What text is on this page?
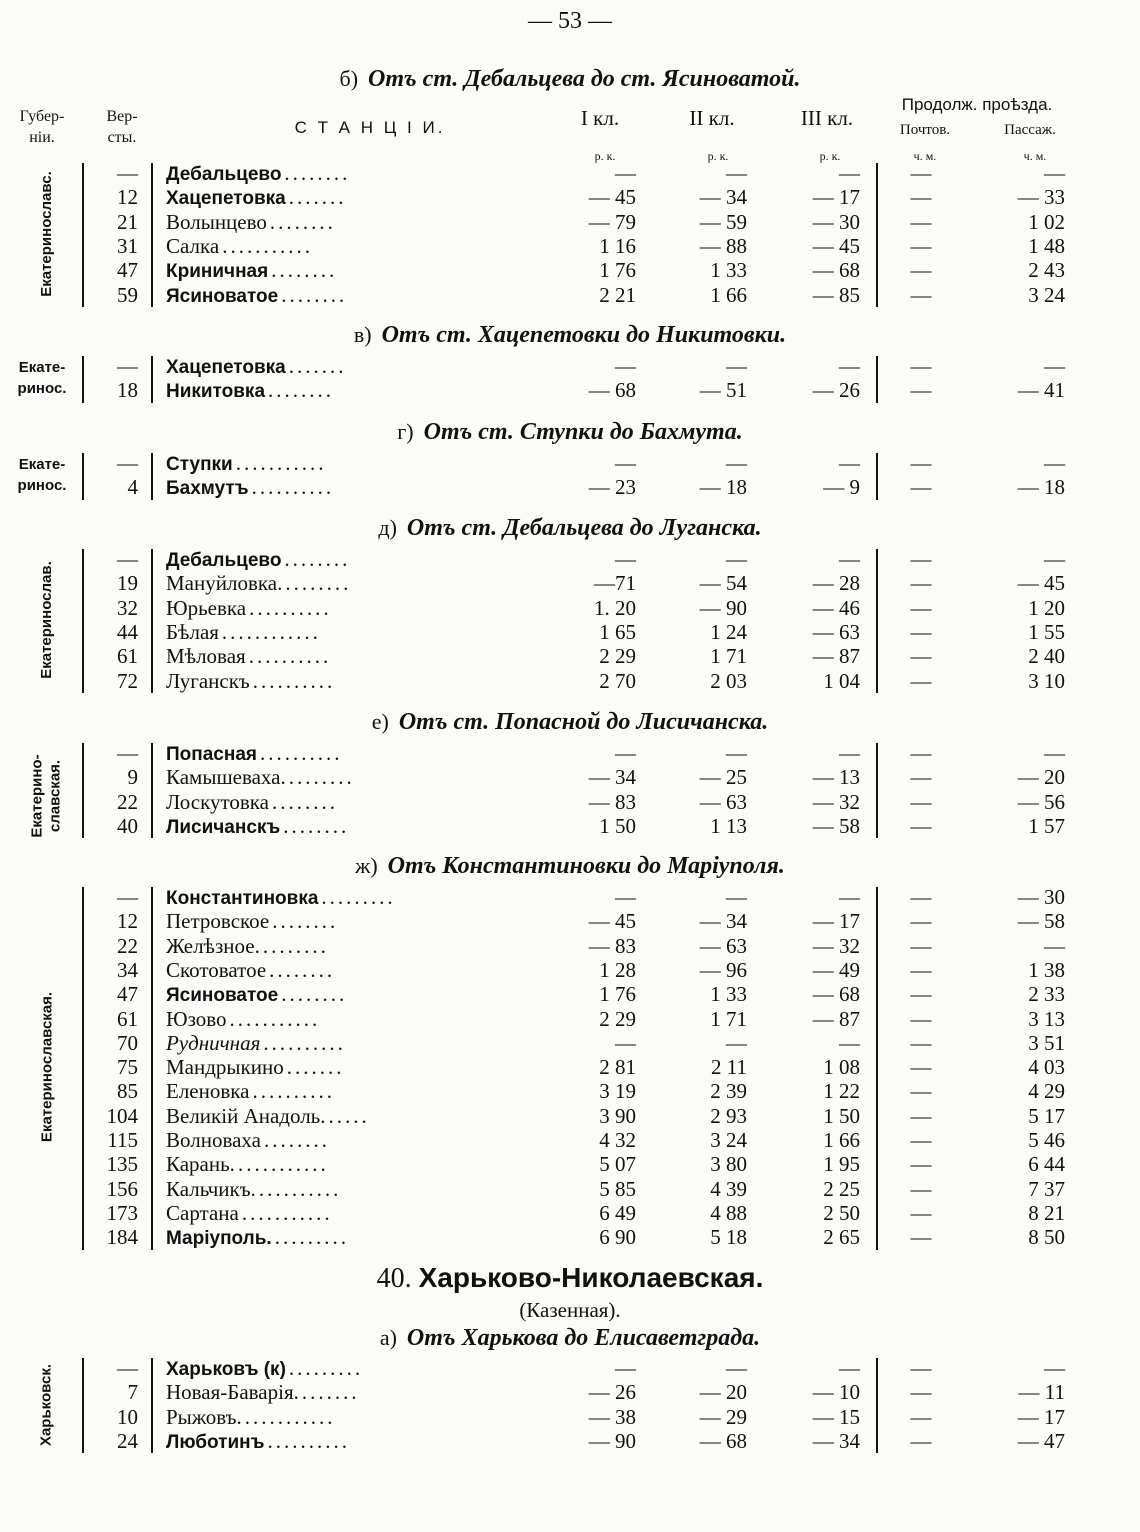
— 53 —
Губер-
нiи.
Вер-
сты.
С Т А Н Ц I И.	I кл.	II кл.	III кл.
Продолж. проѣзда.
Почтов.	Пассаж.
р. к.	р. к.	р. к.	ч. м.	ч. м.
б) Отъ ст. Дебальцева до ст. Ясиноватой.
Екатеринославс.	— Дебальцево ........	—	—	—	—	—
12 Хацепетовка .......	— 45	— 34	— 17	—	— 33
21 Волынцево ........	— 79	— 59	— 30	—	1 02
31 Салка ...........	1 16	— 88	— 45	—	1 48
47 Криничная ........	1 76	1 33	— 68	—	2 43
59 Ясиноватое ........	2 21	1 66	— 85	—	3 24
в) Отъ ст. Хацепетовки до Никитовки.
Екате-
ринос.
— Хацепетовка .......	—	—	—	—	—
18 Никитовка ........	— 68	— 51	— 26	—	— 41
г) Отъ ст. Ступки до Бахмута.
Екате-
ринос.
— Ступки ...........	—	—	—	—	—
4 Бахмутъ ..........	— 23	— 18	— 9	—	— 18
д) Отъ ст. Дебальцева до Луганска.
Екатеринослав.
— Дебальцево ........	—	—	—	—	—
19 Мануйловка. ........	—71	— 54	— 28	—	— 45
32 Юрьевка ..........	1. 20	— 90	— 46	—	1 20
44 Бѣлая ............	1 65	1 24	— 63	—	1 55
61 Мѣловая ..........	2 29	1 71	— 87	—	2 40
72 Луганскъ ..........	2 70	2 03	1 04	—	3 10
е) Отъ ст. Попасной до Лисичанска.
Екатерино-
славская.
— Попасная ..........	—	—	—	—	—
9 Камышеваха. ........	— 34	— 25	— 13	—	— 20
22 Лоскутовка ........	— 83	— 63	— 32	—	— 56
40 Лисичанскъ ........	1 50	1 13	— 58	—	1 57
ж) Отъ Константиновки до Марiуполя.
Екатеринославская.
— Константиновка .........	—	—	—	—	— 30
12 Петровское ........	— 45	— 34	— 17	—	— 58
22 Желѣзное. ........	— 83	— 63	— 32	—	—
34 Скотоватое ........	1 28	— 96	— 49	—	1 38
47 Ясиноватое ........	1 76	1 33	— 68	—	2 33
61 Юзово ...........	2 29	1 71	— 87	—	3 13
70 Рудничная ..........	—	—	—	—	3 51
75 Мандрыкино .......	2 81	2 11	1 08	—	4 03
85 Еленовка ..........	3 19	2 39	1 22	—	4 29
104 Великiй Анадоль. .....	3 90	2 93	1 50	—	5 17
115 Волноваха ........	4 32	3 24	1 66	—	5 46
135 Карань. ...........	5 07	3 80	1 95	—	6 44
156 Кальчикъ. ..........	5 85	4 39	2 25	—	7 37
173 Сартана ...........	6 49	4 88	2 50	—	8 21
184 Марiуполь. .........	6 90	5 18	2 65	—	8 50
40. Харьково-Николаевская.
(Казенная).
а) Отъ Харькова до Елисаветграда.
Харьковск.	— Харьковъ (к) .........	—	—	—	—	—
7 Новая-Баварiя. .......	— 26	— 20	— 10	—	— 11
10 Рыжовъ. ...........	— 38	— 29	— 15	—	— 17
24 Люботинъ ..........	— 90	— 68	— 34	—	— 47
